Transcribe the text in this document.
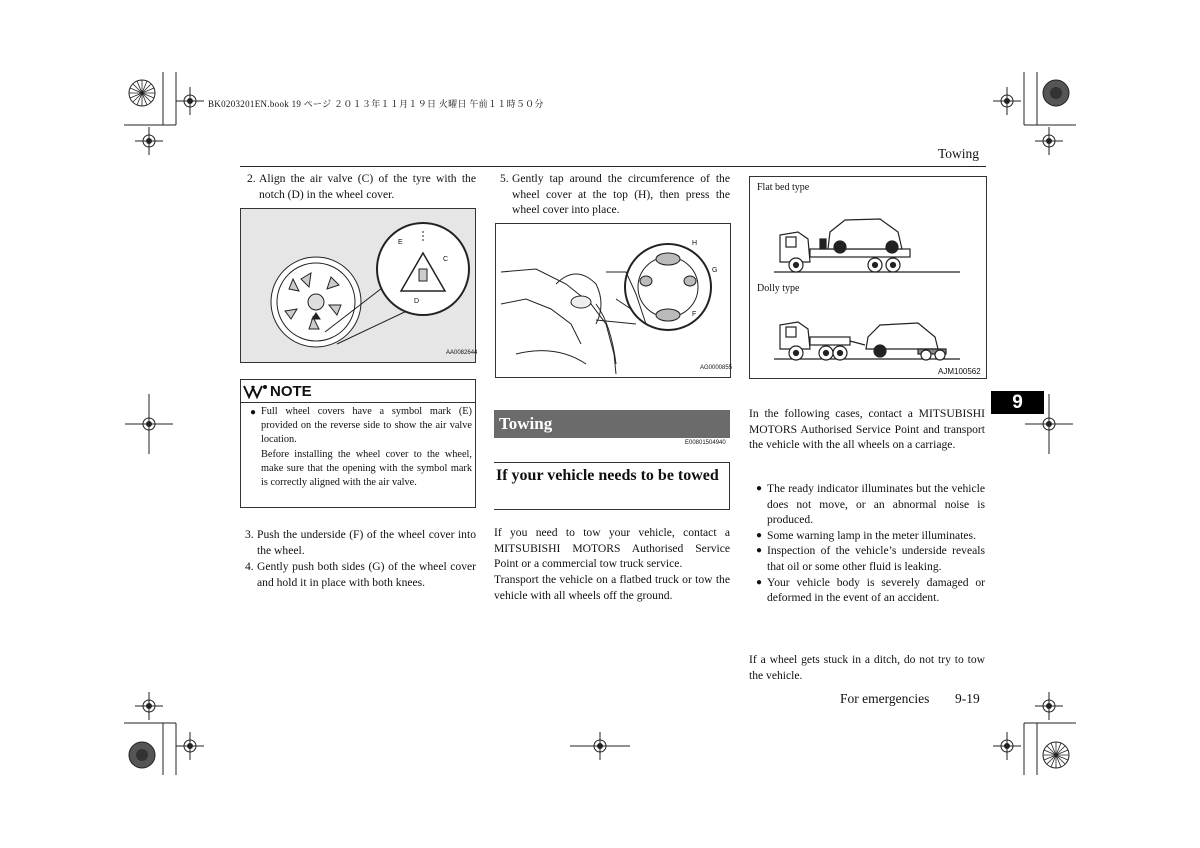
BK0203201EN.book 19 ページ ２０１３年１１月１９日 火曜日 午前１１時５０分
Towing
9
2. Align the air valve (C) of the tyre with the notch (D) in the wheel cover.
E
C
D
AA0082644
NOTE
● Full wheel covers have a symbol mark (E) provided on the reverse side to show the air valve location.
Before installing the wheel cover to the wheel, make sure that the opening with the symbol mark is correctly aligned with the air valve.
3. Push the underside (F) of the wheel cover into the wheel.
4. Gently push both sides (G) of the wheel cover and hold it in place with both knees.
5. Gently tap around the circumference of the wheel cover at the top (H), then press the wheel cover into place.
H
G
F
AG0000855
Towing
E00801504940
If your vehicle needs to be towed
If you need to tow your vehicle, contact a MITSUBISHI MOTORS Authorised Service Point or a commercial tow truck service.
Transport the vehicle on a flatbed truck or tow the vehicle with all wheels off the ground.
Flat bed type
Dolly type
AJM100562
In the following cases, contact a MITSUBISHI MOTORS Authorised Service Point and transport the vehicle with the all wheels on a carriage.
● The ready indicator illuminates but the vehicle does not move, or an abnormal noise is produced.
● Some warning lamp in the meter illuminates.
● Inspection of the vehicle’s underside reveals that oil or some other fluid is leaking.
● Your vehicle body is severely damaged or deformed in the event of an accident.
If a wheel gets stuck in a ditch, do not try to tow the vehicle.
For emergencies 9-19
